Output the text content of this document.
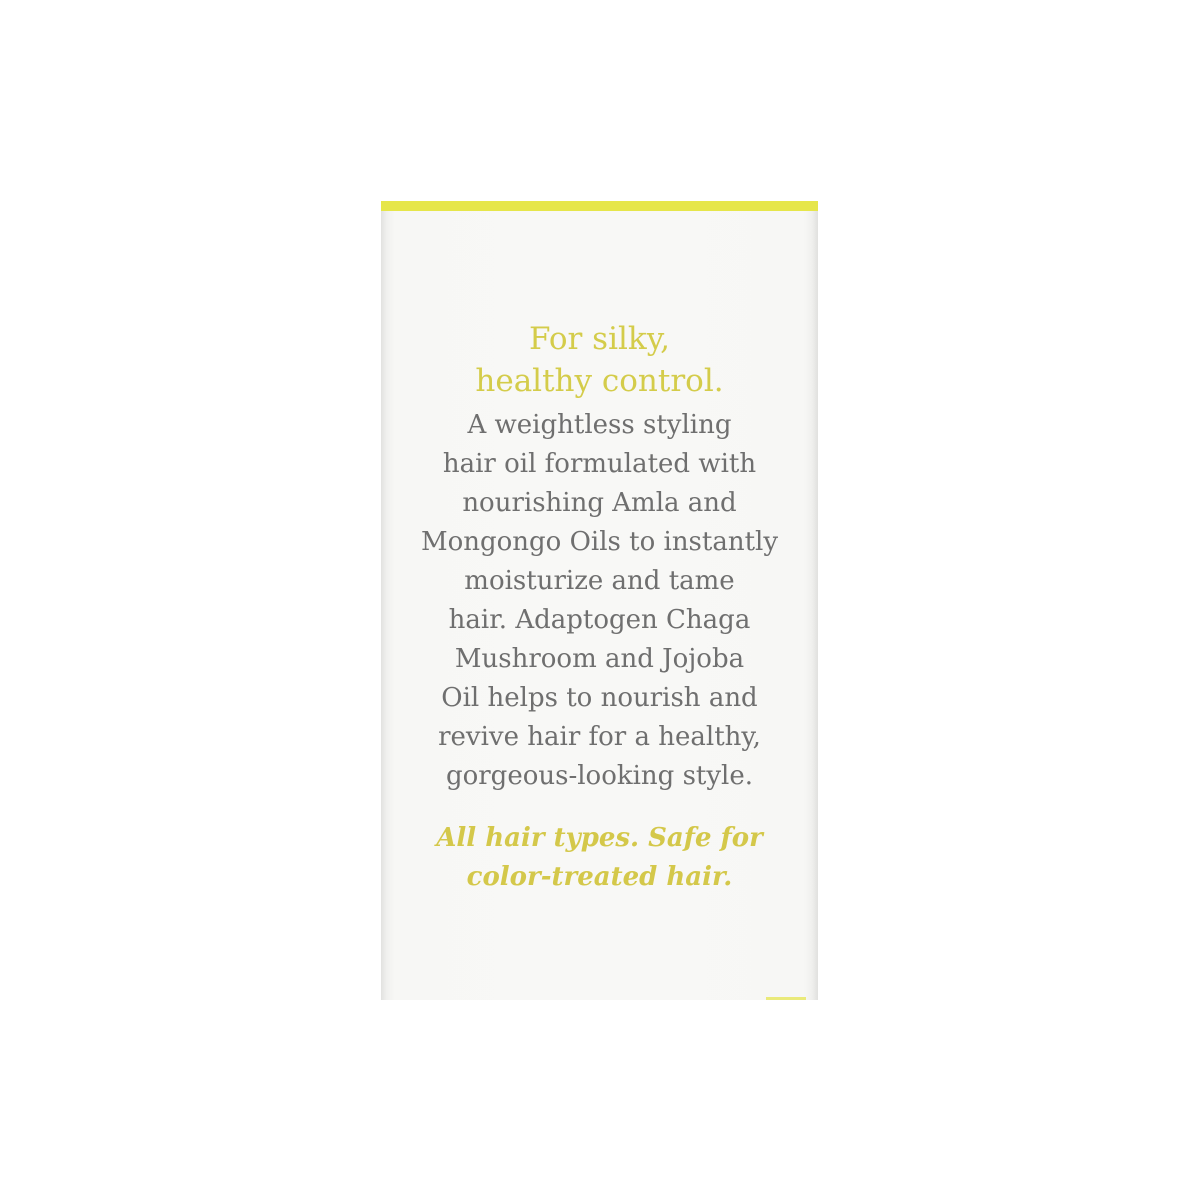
For silky,
healthy control.

A weightless styling
hair oil formulated with
nourishing Amla and
Mongongo Oils to instantly
moisturize and tame
hair. Adaptogen Chaga
Mushroom and Jojoba
Oil helps to nourish and
revive hair for a healthy,
gorgeous-looking style.

All hair types. Safe for
color-treated hair.
